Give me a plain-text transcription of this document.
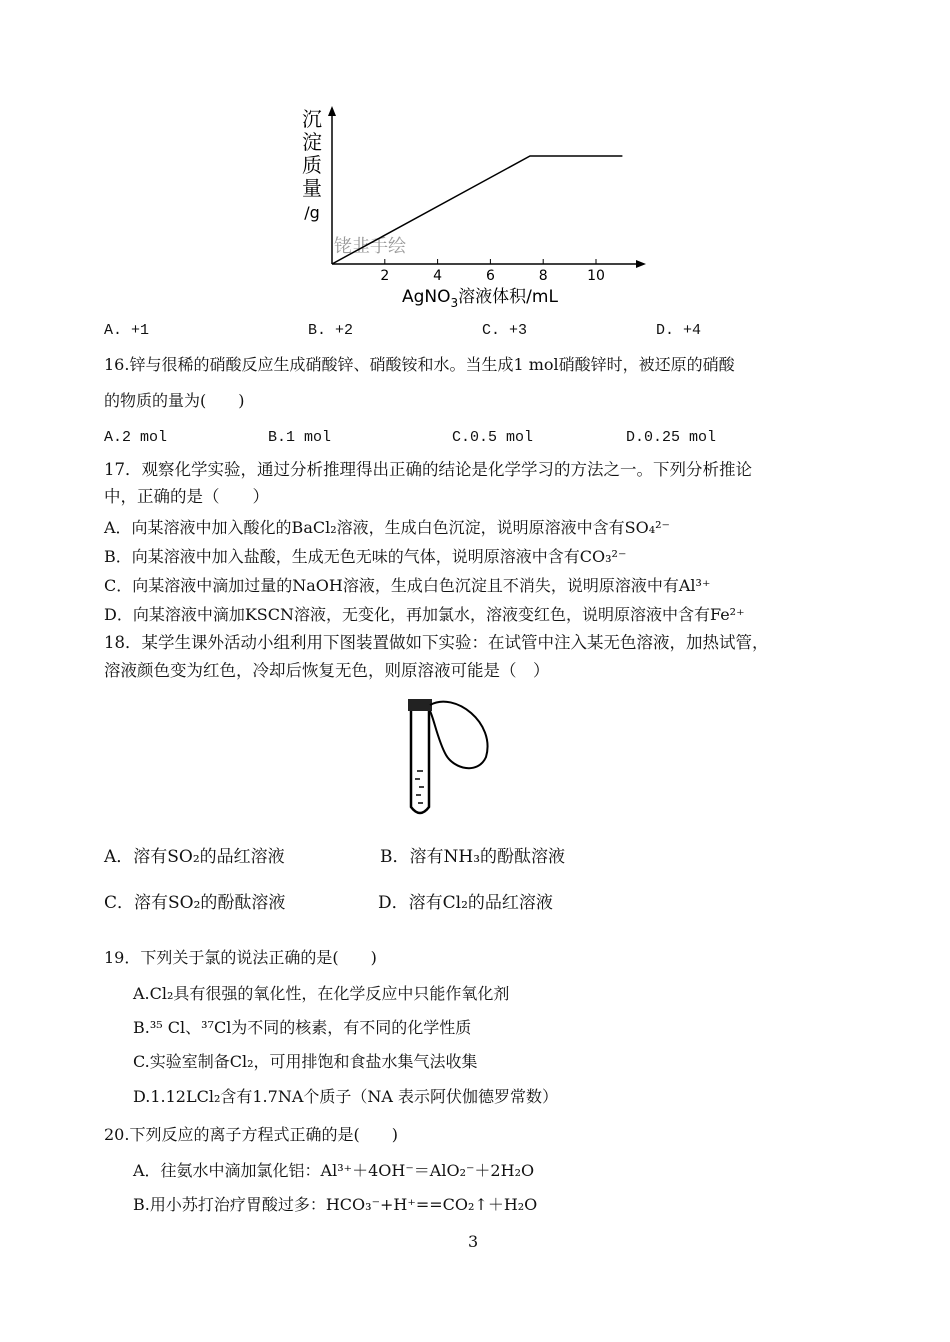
沉
淀
质
量
/g
2	4	6	8	10
铑韭手绘
AgNO$_3$溶液体积/mL
A. +1	B. +2	C. +3	D. +4
16.锌与很稀的硝酸反应生成硝酸锌、硝酸铵和水。当生成1 mol硝酸锌时，被还原的硝酸
的物质的量为(　　)
A.2 mol	B.1 mol	C.0.5 mol	D.0.25 mol
17．观察化学实验，通过分析推理得出正确的结论是化学学习的方法之一。下列分析推论
中，正确的是（　　）
A．向某溶液中加入酸化的BaCl₂溶液，生成白色沉淀，说明原溶液中含有SO₄²⁻
B．向某溶液中加入盐酸，生成无色无味的气体，说明原溶液中含有CO₃²⁻
C．向某溶液中滴加过量的NaOH溶液，生成白色沉淀且不消失，说明原溶液中有Al³⁺
D．向某溶液中滴加KSCN溶液，无变化，再加氯水，溶液变红色，说明原溶液中含有Fe²⁺
18．某学生课外活动小组利用下图装置做如下实验：在试管中注入某无色溶液，加热试管，
溶液颜色变为红色，冷却后恢复无色，则原溶液可能是（　）
A．溶有SO₂的品红溶液	B．溶有NH₃的酚酞溶液
C．溶有SO₂的酚酞溶液	D．溶有Cl₂的品红溶液
19．下列关于氯的说法正确的是(　　)
A.Cl₂具有很强的氧化性，在化学反应中只能作氧化剂
B.³⁵ Cl、³⁷Cl为不同的核素，有不同的化学性质
C.实验室制备Cl₂，可用排饱和食盐水集气法收集
D.1.12LCl₂含有1.7NA个质子（NA 表示阿伏伽德罗常数）
20.下列反应的离子方程式正确的是(　　)
A．往氨水中滴加氯化铝：Al³⁺＋4OH⁻＝AlO₂⁻＋2H₂O
B.用小苏打治疗胃酸过多：HCO₃⁻+H⁺==CO₂↑＋H₂O
3
